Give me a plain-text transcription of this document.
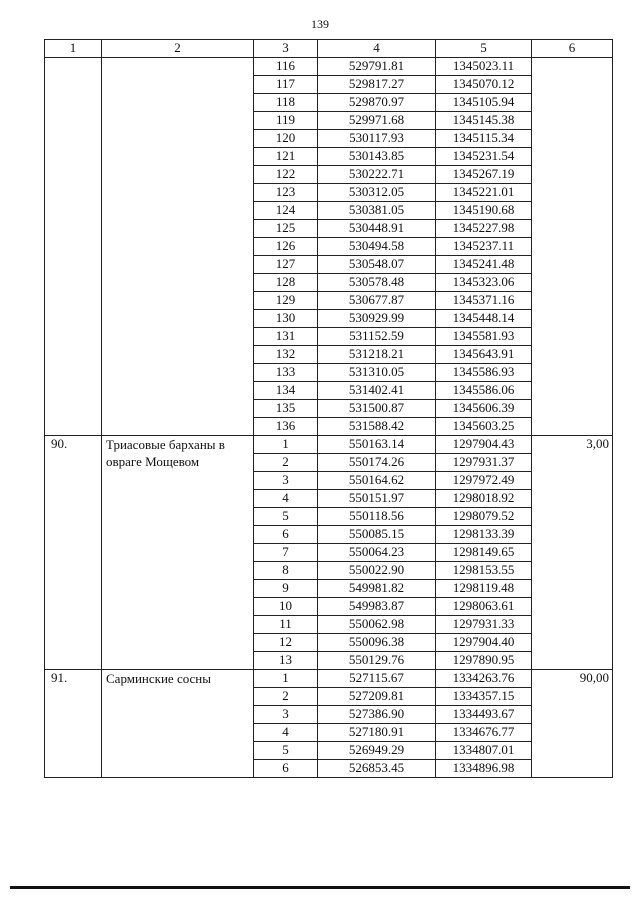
139
1	2	3	4	5	6
		116	529791.81	1345023.11	
		117	529817.27	1345070.12	
		118	529870.97	1345105.94	
		119	529971.68	1345145.38	
		120	530117.93	1345115.34	
		121	530143.85	1345231.54	
		122	530222.71	1345267.19	
		123	530312.05	1345221.01	
		124	530381.05	1345190.68	
		125	530448.91	1345227.98	
		126	530494.58	1345237.11	
		127	530548.07	1345241.48	
		128	530578.48	1345323.06	
		129	530677.87	1345371.16	
		130	530929.99	1345448.14	
		131	531152.59	1345581.93	
		132	531218.21	1345643.91	
		133	531310.05	1345586.93	
		134	531402.41	1345586.06	
		135	531500.87	1345606.39	
		136	531588.42	1345603.25	
90.	Триасовые барханы в овраге Мощевом	1	550163.14	1297904.43	3,00
		2	550174.26	1297931.37	
		3	550164.62	1297972.49	
		4	550151.97	1298018.92	
		5	550118.56	1298079.52	
		6	550085.15	1298133.39	
		7	550064.23	1298149.65	
		8	550022.90	1298153.55	
		9	549981.82	1298119.48	
		10	549983.87	1298063.61	
		11	550062.98	1297931.33	
		12	550096.38	1297904.40	
		13	550129.76	1297890.95	
91.	Сарминские сосны	1	527115.67	1334263.76	90,00
		2	527209.81	1334357.15	
		3	527386.90	1334493.67	
		4	527180.91	1334676.77	
		5	526949.29	1334807.01	
		6	526853.45	1334896.98	
